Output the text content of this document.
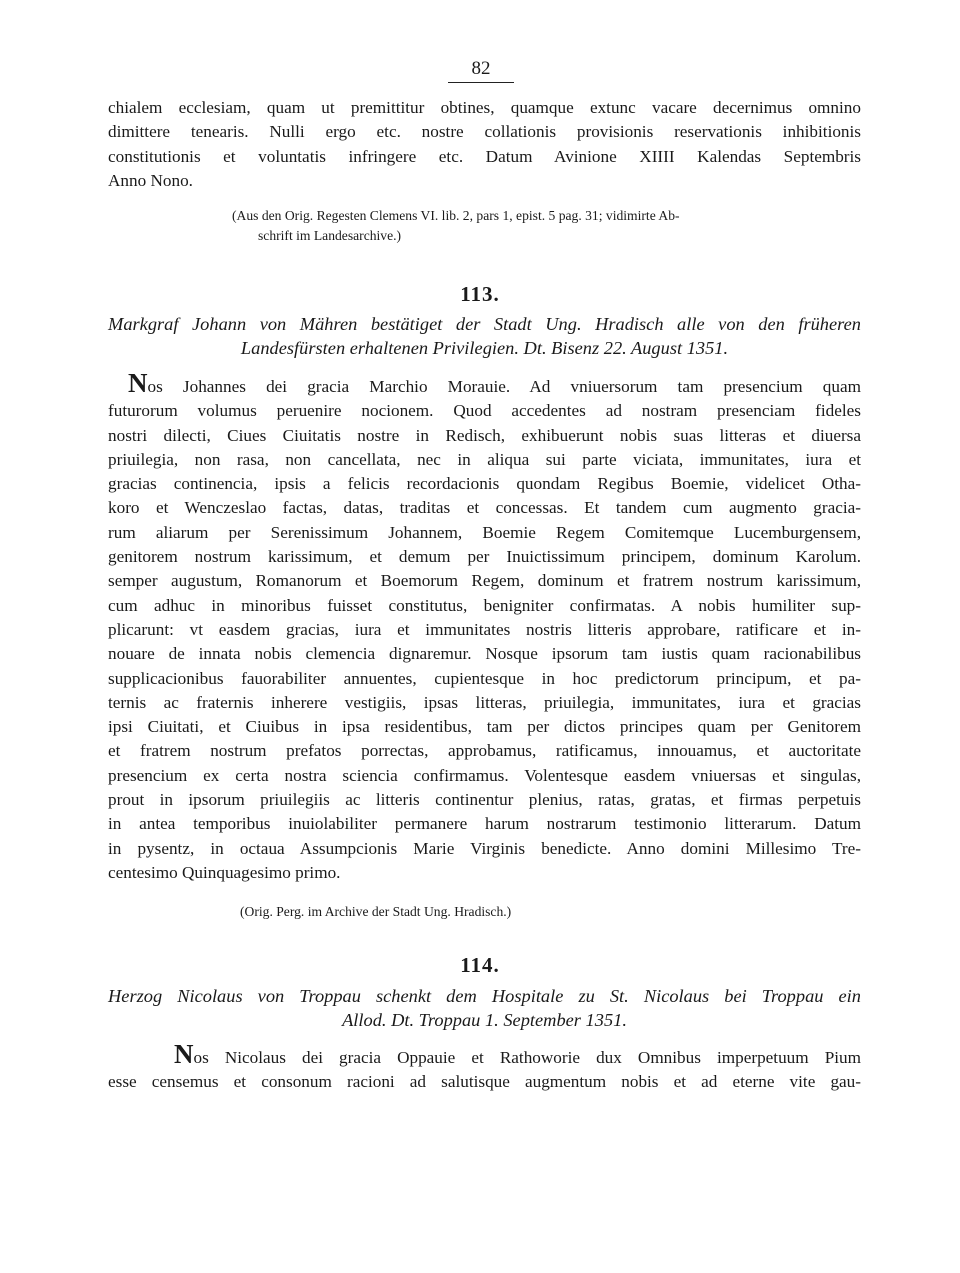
82
chialem ecclesiam, quam ut premittitur obtines, quamque extunc vacare decernimus omnino
dimittere tenearis. Nulli ergo etc. nostre collationis provisionis reservationis inhibitionis
constitutionis et voluntatis infringere etc. Datum Avinione XIIII Kalendas Septembris
Anno Nono.
(Aus den Orig. Regesten Clemens VI. lib. 2, pars 1, epist. 5 pag. 31; vidimirte Ab-
schrift im Landesarchive.)
113.
Markgraf Johann von Mähren bestätiget der Stadt Ung. Hradisch alle von den früheren
Landesfürsten erhaltenen Privilegien. Dt. Bisenz 22. August 1351.
Nos Johannes dei gracia Marchio Morauie. Ad vniuersorum tam presencium quam
futurorum volumus peruenire nocionem. Quod accedentes ad nostram presenciam fideles
nostri dilecti, Ciues Ciuitatis nostre in Redisch, exhibuerunt nobis suas litteras et diuersa
priuilegia, non rasa, non cancellata, nec in aliqua sui parte viciata, immunitates, iura et
gracias continencia, ipsis a felicis recordacionis quondam Regibus Boemie, videlicet Otha-
koro et Wenczeslao factas, datas, traditas et concessas. Et tandem cum augmento gracia-
rum aliarum per Serenissimum Johannem, Boemie Regem Comitemque Lucemburgensem,
genitorem nostrum karissimum, et demum per Inuictissimum principem, dominum Karolum.
semper augustum, Romanorum et Boemorum Regem, dominum et fratrem nostrum karissimum,
cum adhuc in minoribus fuisset constitutus, benigniter confirmatas. A nobis humiliter sup-
plicarunt: vt easdem gracias, iura et immunitates nostris litteris approbare, ratificare et in-
nouare de innata nobis clemencia dignaremur. Nosque ipsorum tam iustis quam racionabilibus
supplicacionibus fauorabiliter annuentes, cupientesque in hoc predictorum principum, et pa-
ternis ac fraternis inherere vestigiis, ipsas litteras, priuilegia, immunitates, iura et gracias
ipsi Ciuitati, et Ciuibus in ipsa residentibus, tam per dictos principes quam per Genitorem
et fratrem nostrum prefatos porrectas, approbamus, ratificamus, innouamus, et auctoritate
presencium ex certa nostra sciencia confirmamus. Volentesque easdem vniuersas et singulas,
prout in ipsorum priuilegiis ac litteris continentur plenius, ratas, gratas, et firmas perpetuis
in antea temporibus inuiolabiliter permanere harum nostrarum testimonio litterarum. Datum
in pysentz, in octaua Assumpcionis Marie Virginis benedicte. Anno domini Millesimo Tre-
centesimo Quinquagesimo primo.
(Orig. Perg. im Archive der Stadt Ung. Hradisch.)
114.
Herzog Nicolaus von Troppau schenkt dem Hospitale zu St. Nicolaus bei Troppau ein
Allod. Dt. Troppau 1. September 1351.
Nos Nicolaus dei gracia Oppauie et Rathoworie dux Omnibus imperpetuum Pium
esse censemus et consonum racioni ad salutisque augmentum nobis et ad eterne vite gau-
